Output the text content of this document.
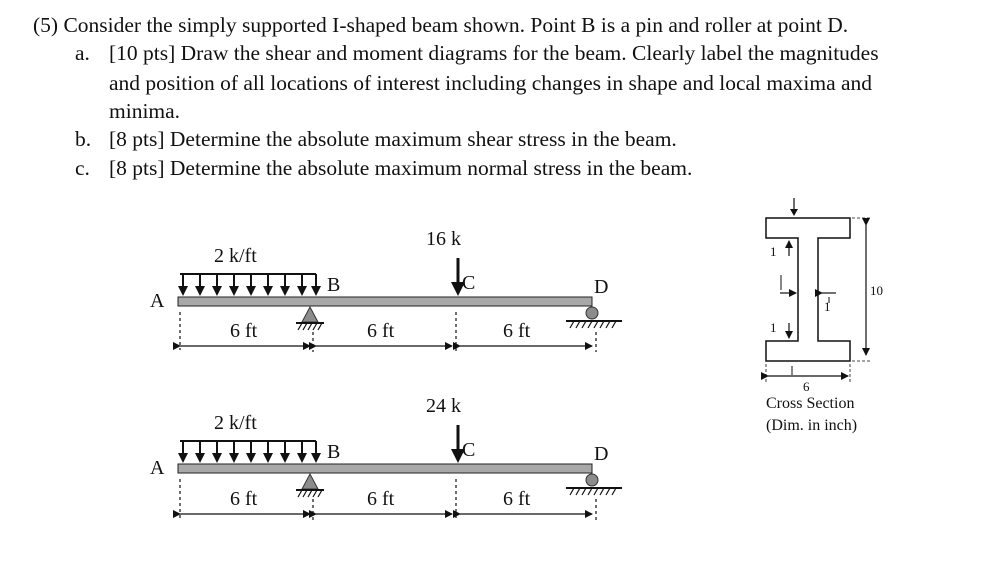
(5) Consider the simply supported I-shaped beam shown. Point B is a pin and roller at point D.
a. [10 pts] Draw the shear and moment diagrams for the beam. Clearly label the magnitudes
and position of all locations of interest including changes in shape and local maxima and
minima.
b. [8 pts] Determine the absolute maximum shear stress in the beam.
c. [8 pts] Determine the absolute maximum normal stress in the beam.
2 k/ft
A
B	C	D
16 k
6 ft	6 ft	6 ft
2 k/ft
A
B	C	D
24 k
6 ft	6 ft	6 ft
1
1
1
10
6
Cross Section
(Dim. in inch)
